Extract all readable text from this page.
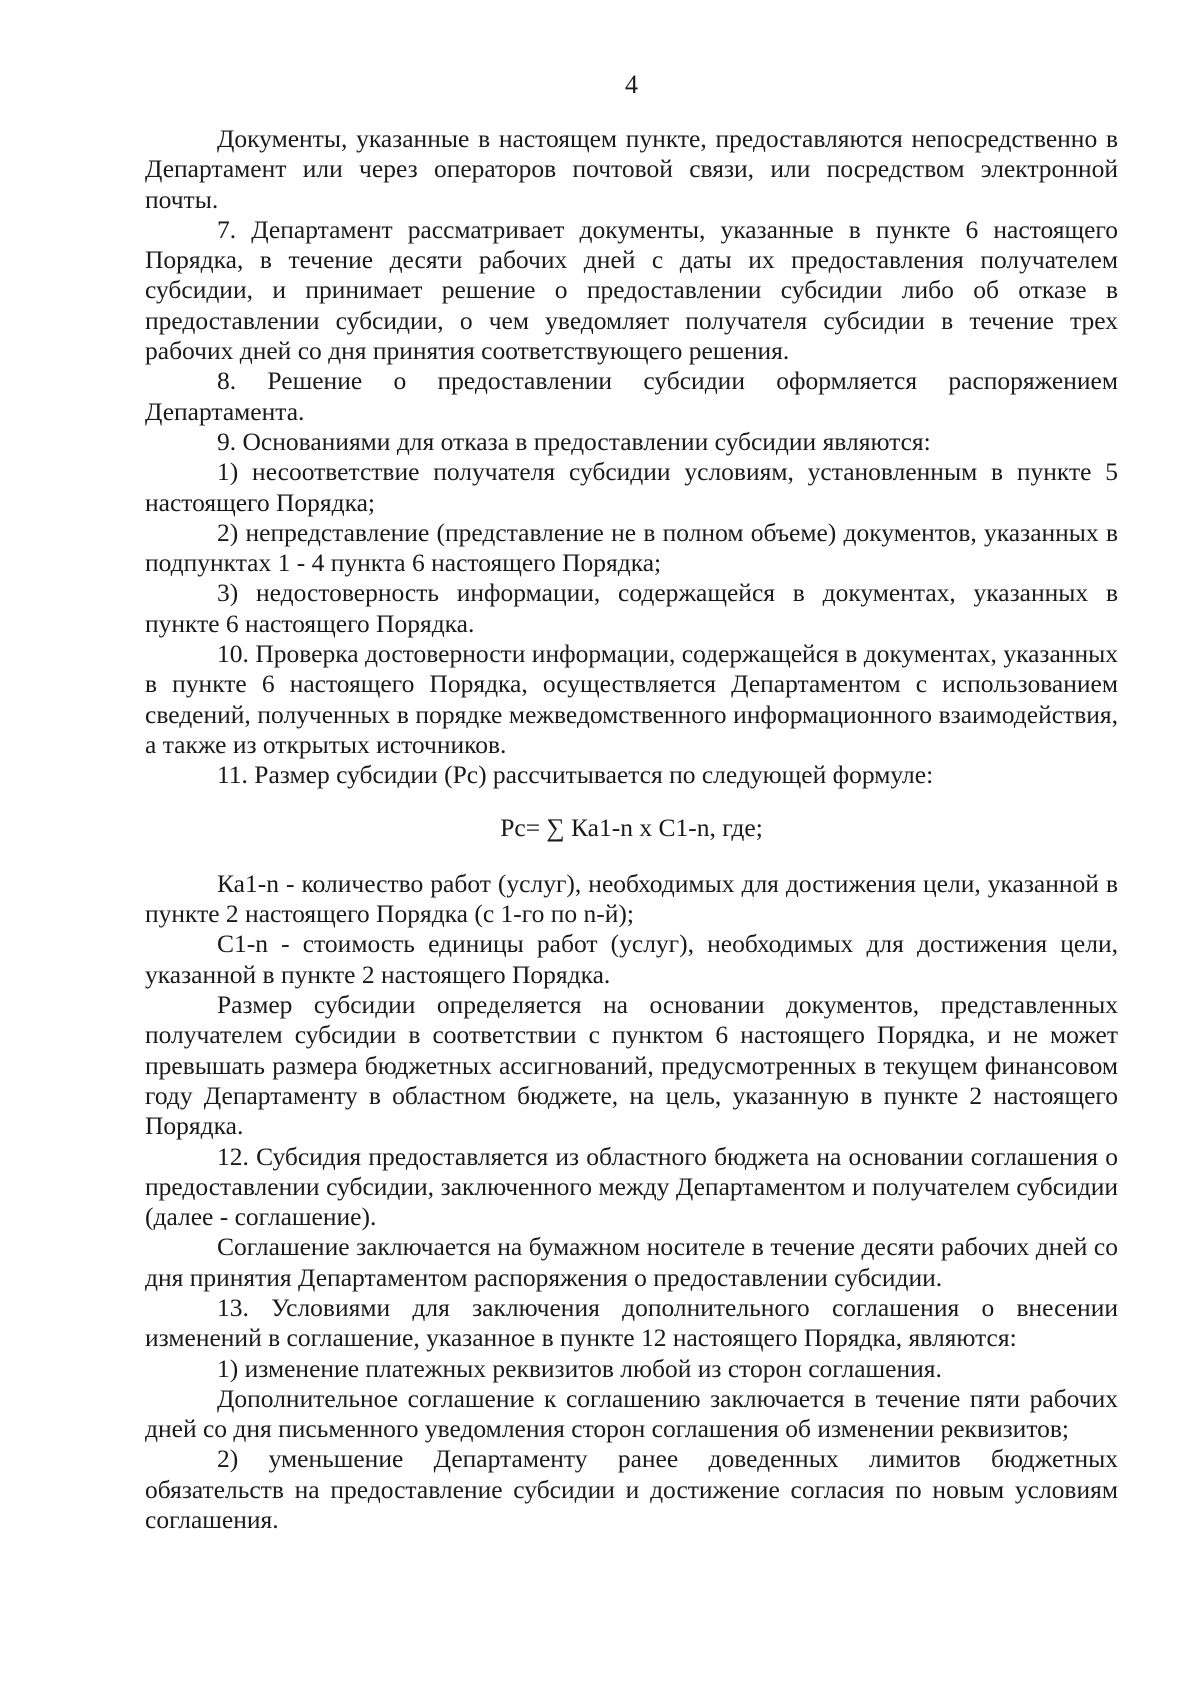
4

Документы, указанные в настоящем пункте, предоставляются непосредственно в Департамент или через операторов почтовой связи, или посредством электронной почты.

7. Департамент рассматривает документы, указанные в пункте 6 настоящего Порядка, в течение десяти рабочих дней с даты их предоставления получателем субсидии, и принимает решение о предоставлении субсидии либо об отказе в предоставлении субсидии, о чем уведомляет получателя субсидии в течение трех рабочих дней со дня принятия соответствующего решения.

8. Решение о предоставлении субсидии оформляется распоряжением Департамента.

9. Основаниями для отказа в предоставлении субсидии являются:

1) несоответствие получателя субсидии условиям, установленным в пункте 5 настоящего Порядка;

2) непредставление (представление не в полном объеме) документов, указанных в подпунктах 1 - 4 пункта 6 настоящего Порядка;

3) недостоверность информации, содержащейся в документах, указанных в пункте 6 настоящего Порядка.

10. Проверка достоверности информации, содержащейся в документах, указанных в пункте 6 настоящего Порядка, осуществляется Департаментом с использованием сведений, полученных в порядке межведомственного информационного взаимодействия, а также из открытых источников.

11. Размер субсидии (Рс) рассчитывается по следующей формуле:

Рс= ∑ Ка1-n х С1-n, где;

Ка1-n - количество работ (услуг), необходимых для достижения цели, указанной в пункте 2 настоящего Порядка (с 1-го по n-й);

С1-n - стоимость единицы работ (услуг), необходимых для достижения цели, указанной в пункте 2 настоящего Порядка.

Размер субсидии определяется на основании документов, представленных получателем субсидии в соответствии с пунктом 6 настоящего Порядка, и не может превышать размера бюджетных ассигнований, предусмотренных в текущем финансовом году Департаменту в областном бюджете, на цель, указанную в пункте 2 настоящего Порядка.

12. Субсидия предоставляется из областного бюджета на основании соглашения о предоставлении субсидии, заключенного между Департаментом и получателем субсидии (далее - соглашение).

Соглашение заключается на бумажном носителе в течение десяти рабочих дней со дня принятия Департаментом распоряжения о предоставлении субсидии.

13. Условиями для заключения дополнительного соглашения о внесении изменений в соглашение, указанное в пункте 12 настоящего Порядка, являются:

1) изменение платежных реквизитов любой из сторон соглашения.

Дополнительное соглашение к соглашению заключается в течение пяти рабочих дней со дня письменного уведомления сторон соглашения об изменении реквизитов;

2) уменьшение Департаменту ранее доведенных лимитов бюджетных обязательств на предоставление субсидии и достижение согласия по новым условиям соглашения.
